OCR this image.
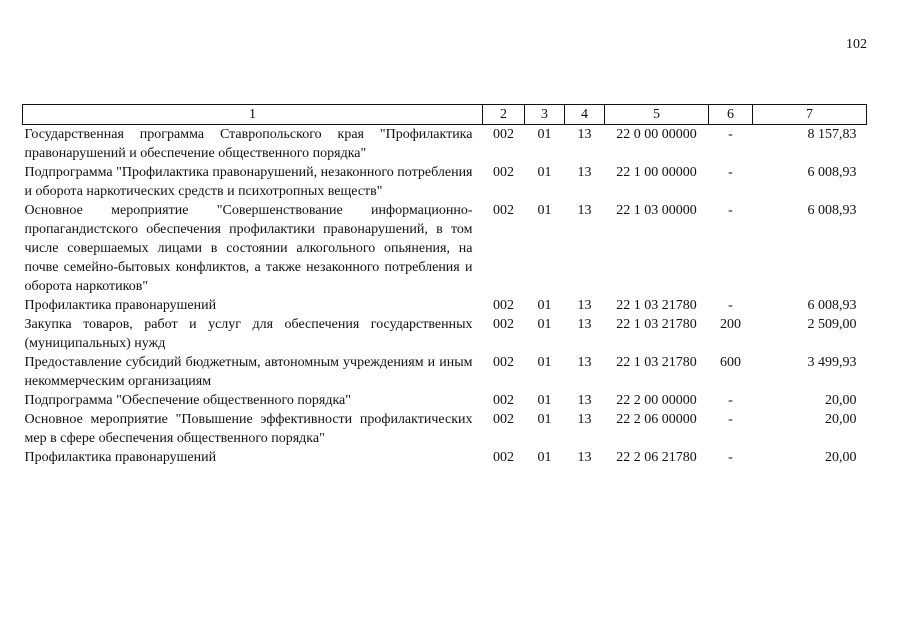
102
1	2	3	4	5	6	7
Государственная программа Ставропольского края "Профилактика правонарушений и обеспечение общественного порядка"	002	01	13	22 0 00 00000	-	8 157,83
Подпрограмма "Профилактика правонарушений, незаконного потребления и оборота наркотических средств и психотропных веществ"	002	01	13	22 1 00 00000	-	6 008,93
Основное мероприятие "Совершенствование информационно-пропагандистского обеспечения профилактики правонарушений, в том числе совершаемых лицами в состоянии алкогольного опьянения, на почве семейно-бытовых конфликтов, а также незаконного потребления и оборота наркотиков"	002	01	13	22 1 03 00000	-	6 008,93
Профилактика правонарушений	002	01	13	22 1 03 21780	-	6 008,93
Закупка товаров, работ и услуг для обеспечения государственных (муниципальных) нужд	002	01	13	22 1 03 21780	200	2 509,00
Предоставление субсидий бюджетным, автономным учреждениям и иным некоммерческим организациям	002	01	13	22 1 03 21780	600	3 499,93
Подпрограмма "Обеспечение общественного порядка"	002	01	13	22 2 00 00000	-	20,00
Основное мероприятие "Повышение эффективности профилактических мер в сфере обеспечения общественного порядка"	002	01	13	22 2 06 00000	-	20,00
Профилактика правонарушений	002	01	13	22 2 06 21780	-	20,00
